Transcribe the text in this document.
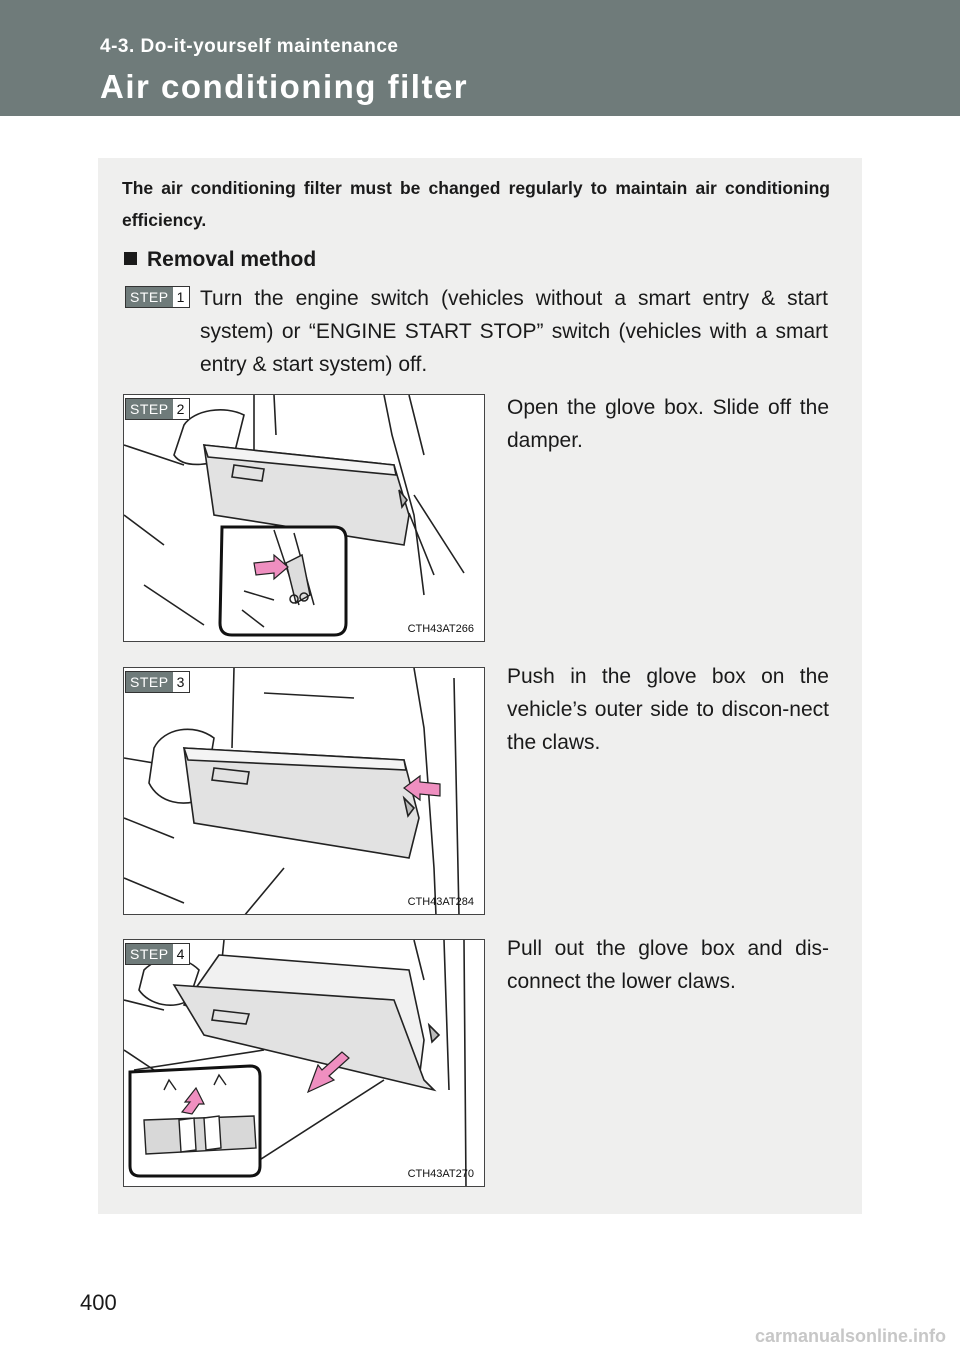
4-3. Do-it-yourself maintenance
Air conditioning filter
The air conditioning filter must be changed regularly to maintain air conditioning efficiency.
Removal method
STEP 1 Turn the engine switch (vehicles without a smart entry & start system) or “ENGINE START STOP” switch (vehicles with a smart entry & start system) off.
CTH43AT266
STEP 2	Open the glove box. Slide off the damper.
CTH43AT284
STEP 3	Push in the glove box on the vehicle’s outer side to discon-nect the claws.
CTH43AT270
STEP 4	Pull out the glove box and dis-connect the lower claws.
400
carmanualsonline.info
